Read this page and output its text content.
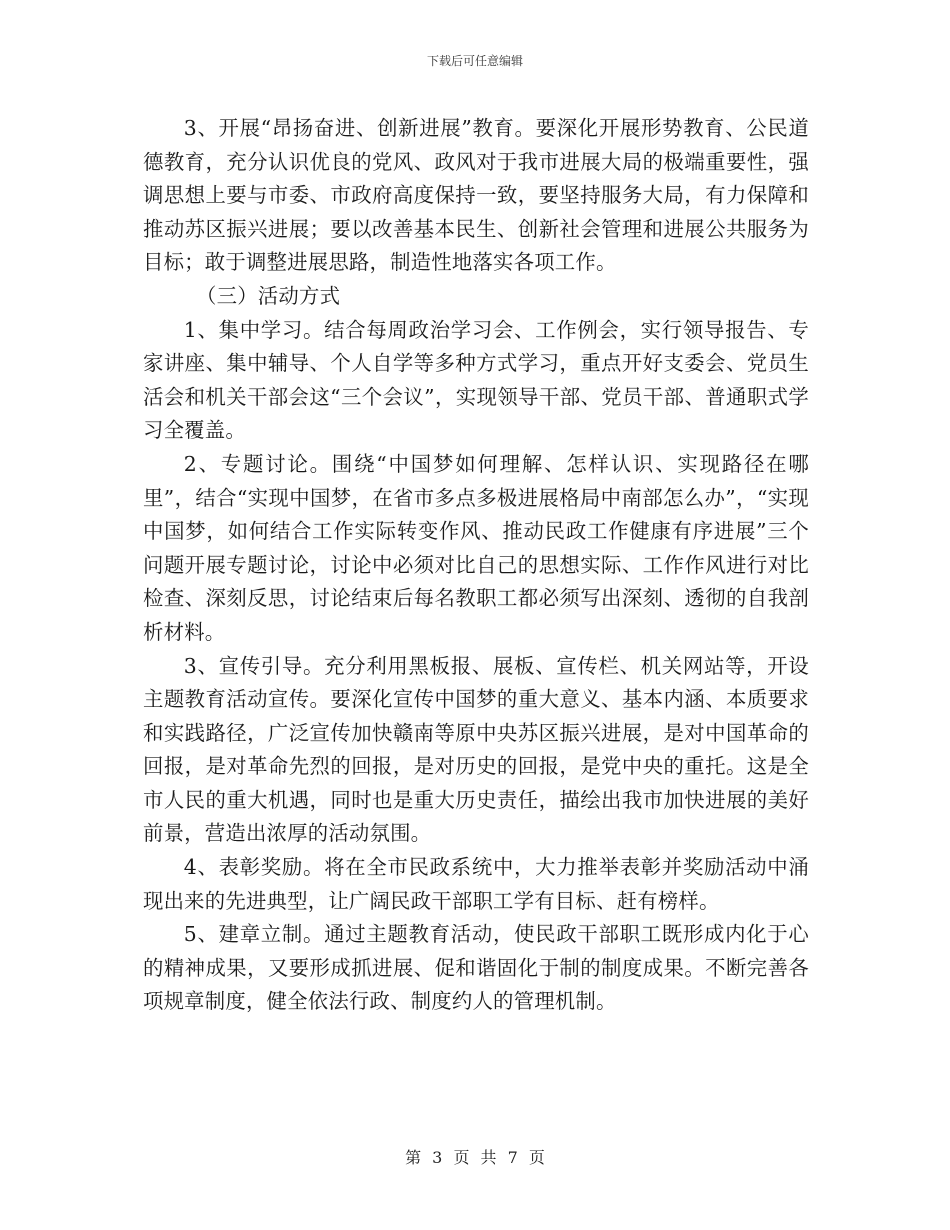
下载后可任意编辑

3、开展“昂扬奋进、创新进展”教育。要深化开展形势教育、公民道德教育，充分认识优良的党风、政风对于我市进展大局的极端重要性，强调思想上要与市委、市政府高度保持一致，要坚持服务大局，有力保障和推动苏区振兴进展；要以改善基本民生、创新社会管理和进展公共服务为目标；敢于调整进展思路，制造性地落实各项工作。

（三）活动方式

1、集中学习。结合每周政治学习会、工作例会，实行领导报告、专家讲座、集中辅导、个人自学等多种方式学习，重点开好支委会、党员生活会和机关干部会这“三个会议”，实现领导干部、党员干部、普通职式学习全覆盖。

2、专题讨论。围绕“中国梦如何理解、怎样认识、实现路径在哪里”，结合“实现中国梦，在省市多点多极进展格局中南部怎么办”，“实现中国梦，如何结合工作实际转变作风、推动民政工作健康有序进展”三个问题开展专题讨论，讨论中必须对比自己的思想实际、工作作风进行对比检查、深刻反思，讨论结束后每名教职工都必须写出深刻、透彻的自我剖析材料。

3、宣传引导。充分利用黑板报、展板、宣传栏、机关网站等，开设主题教育活动宣传。要深化宣传中国梦的重大意义、基本内涵、本质要求和实践路径，广泛宣传加快赣南等原中央苏区振兴进展，是对中国革命的回报，是对革命先烈的回报，是对历史的回报，是党中央的重托。这是全市人民的重大机遇，同时也是重大历史责任，描绘出我市加快进展的美好前景，营造出浓厚的活动氛围。

4、表彰奖励。将在全市民政系统中，大力推举表彰并奖励活动中涌现出来的先进典型，让广阔民政干部职工学有目标、赶有榜样。

5、建章立制。通过主题教育活动，使民政干部职工既形成内化于心的精神成果，又要形成抓进展、促和谐固化于制的制度成果。不断完善各项规章制度，健全依法行政、制度约人的管理机制。

第 3 页 共 7 页
